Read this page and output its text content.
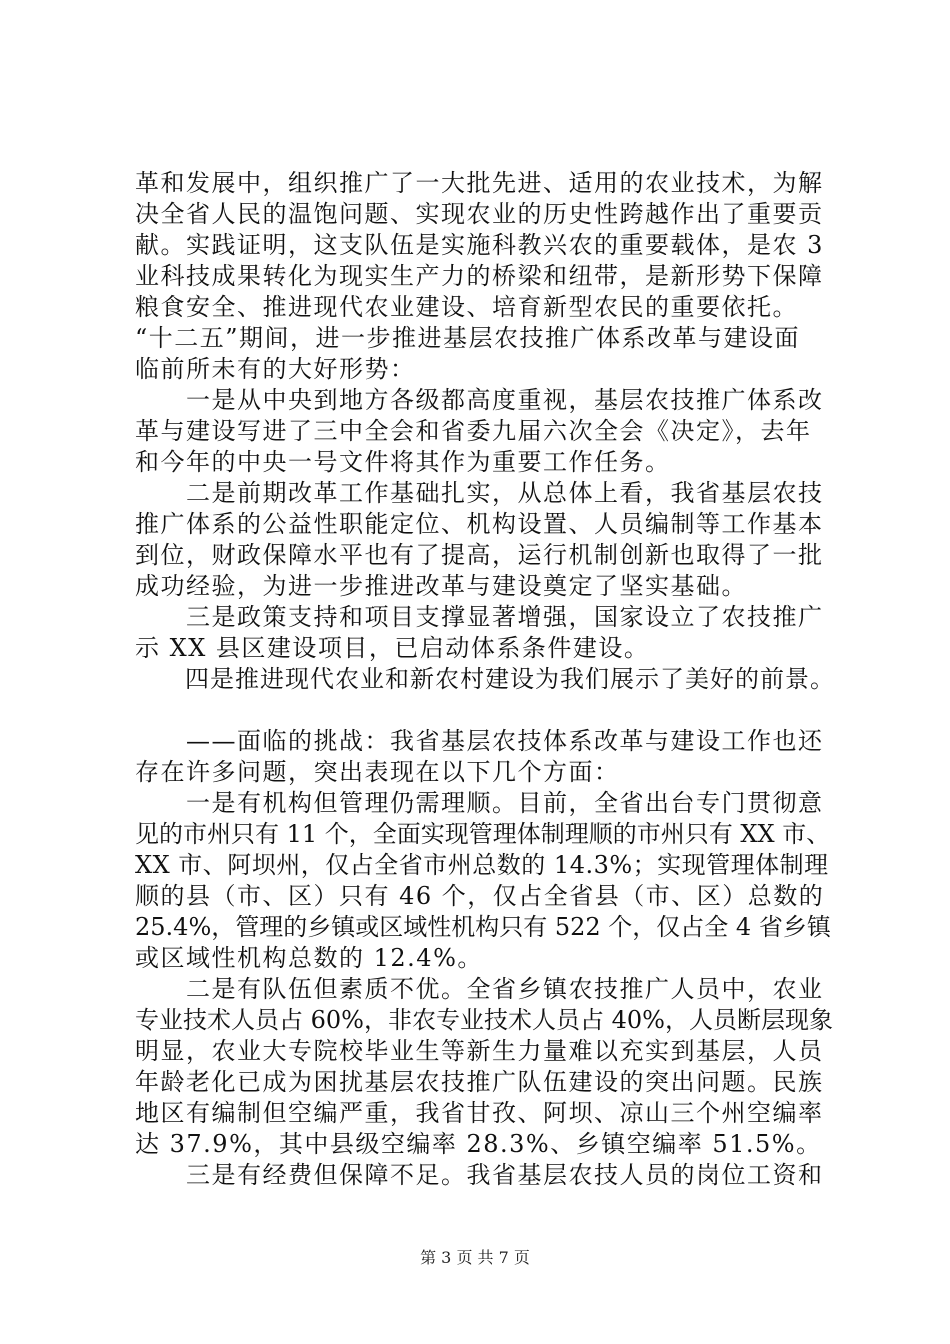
革和发展中，组织推广了一大批先进、适用的农业技术，为解
决全省人民的温饱问题、实现农业的历史性跨越作出了重要贡
献。实践证明，这支队伍是实施科教兴农的重要载体，是农 3
业科技成果转化为现实生产力的桥梁和纽带，是新形势下保障
粮食安全、推进现代农业建设、培育新型农民的重要依托。
“十二五”期间，进一步推进基层农技推广体系改革与建设面
临前所未有的大好形势：
　　一是从中央到地方各级都高度重视，基层农技推广体系改
革与建设写进了三中全会和省委九届六次全会《决定》，去年
和今年的中央一号文件将其作为重要工作任务。
　　二是前期改革工作基础扎实，从总体上看，我省基层农技
推广体系的公益性职能定位、机构设置、人员编制等工作基本
到位，财政保障水平也有了提高，运行机制创新也取得了一批
成功经验，为进一步推进改革与建设奠定了坚实基础。
　　三是政策支持和项目支撑显著增强，国家设立了农技推广
示 XX 县区建设项目，已启动体系条件建设。
　　四是推进现代农业和新农村建设为我们展示了美好的前景。
　　——面临的挑战：我省基层农技体系改革与建设工作也还
存在许多问题，突出表现在以下几个方面：
　　一是有机构但管理仍需理顺。目前，全省出台专门贯彻意
见的市州只有 11 个，全面实现管理体制理顺的市州只有 XX 市、
XX 市、阿坝州，仅占全省市州总数的 14.3%；实现管理体制理
顺的县（市、区）只有 46 个，仅占全省县（市、区）总数的
25.4%，管理的乡镇或区域性机构只有 522 个，仅占全 4 省乡镇
或区域性机构总数的 12.4%。
　　二是有队伍但素质不优。全省乡镇农技推广人员中，农业
专业技术人员占 60%，非农专业技术人员占 40%，人员断层现象
明显，农业大专院校毕业生等新生力量难以充实到基层，人员
年龄老化已成为困扰基层农技推广队伍建设的突出问题。民族
地区有编制但空编严重，我省甘孜、阿坝、凉山三个州空编率
达 37.9%，其中县级空编率 28.3%、乡镇空编率 51.5%。
　　三是有经费但保障不足。我省基层农技人员的岗位工资和
第 3 页 共 7 页
